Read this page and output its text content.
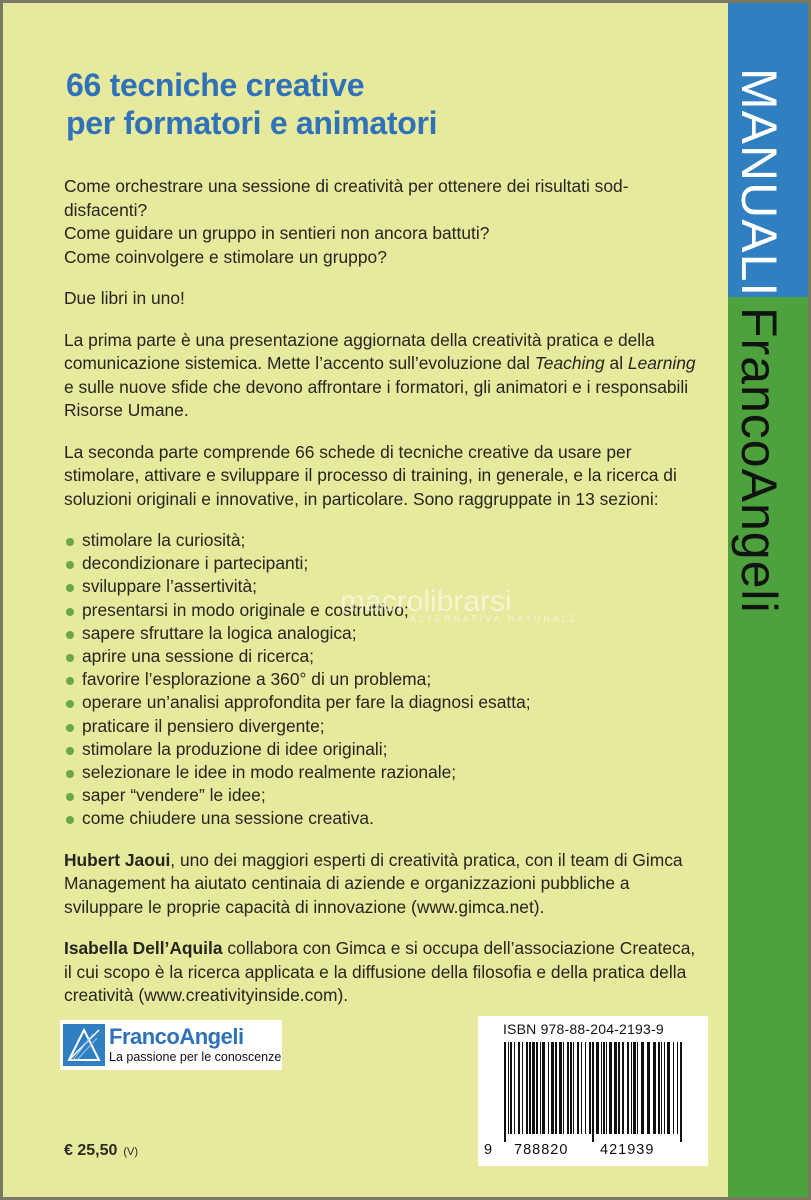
66 tecniche creative
per formatori e animatori

Come orchestrare una sessione di creatività per ottenere dei risultati sod-
disfacenti?
Come guidare un gruppo in sentieri non ancora battuti?
Come coinvolgere e stimolare un gruppo?

Due libri in uno!

La prima parte è una presentazione aggiornata della creatività pratica e della comunicazione sistemica. Mette l’accento sull’evoluzione dal Teaching al Learning e sulle nuove sfide che devono affrontare i formatori, gli animatori e i responsabili Risorse Umane.

La seconda parte comprende 66 schede di tecniche creative da usare per stimolare, attivare e sviluppare il processo di training, in generale, e la ricerca di soluzioni originali e innovative, in particolare. Sono raggruppate in 13 sezioni:

stimolare la curiosità;
decondizionare i partecipanti;
sviluppare l’assertività;
presentarsi in modo originale e costruttivo;
sapere sfruttare la logica analogica;
aprire una sessione di ricerca;
favorire l’esplorazione a 360° di un problema;
operare un’analisi approfondita per fare la diagnosi esatta;
praticare il pensiero divergente;
stimolare la produzione di idee originali;
selezionare le idee in modo realmente razionale;
saper “vendere” le idee;
come chiudere una sessione creativa.

Hubert Jaoui, uno dei maggiori esperti di creatività pratica, con il team di Gimca Management ha aiutato centinaia di aziende e organizzazioni pubbliche a sviluppare le proprie capacità di innovazione (www.gimca.net).

Isabella Dell’Aquila collabora con Gimca e si occupa dell’associazione Createca, il cui scopo è la ricerca applicata e la diffusione della filosofia e della pratica della creatività (www.creativityinside.com).

macrolibrarsi
ALTERNATIVA NATURALE
FrancoAngeli
La passione per le conoscenze
€ 25,50 (V)
ISBN 978-88-204-2193-9
9 788820 421939
MANUALIFrancoAngeli
